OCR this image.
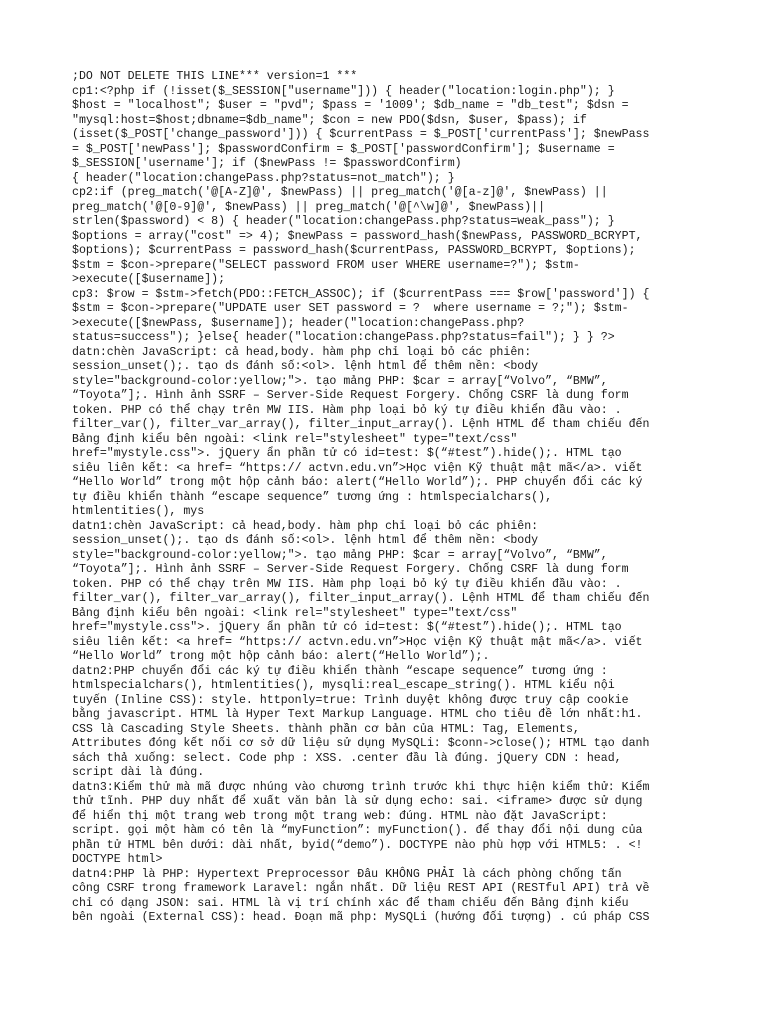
;DO NOT DELETE THIS LINE*** version=1 ***

cp1:<?php if (!isset($_SESSION["username"])) { header("location:login.php"); }

$host = "localhost"; $user = "pvd"; $pass = '1009'; $db_name = "db_test"; $dsn =

"mysql:host=$host;dbname=$db_name"; $con = new PDO($dsn, $user, $pass); if

(isset($_POST['change_password'])) { $currentPass = $_POST['currentPass']; $newPass

= $_POST['newPass']; $passwordConfirm = $_POST['passwordConfirm']; $username =

$_SESSION['username']; if ($newPass != $passwordConfirm)

{ header("location:changePass.php?status=not_match"); }

cp2:if (preg_match('@[A-Z]@', $newPass) || preg_match('@[a-z]@', $newPass) ||

preg_match('@[0-9]@', $newPass) || preg_match('@[^\w]@', $newPass)||

strlen($password) < 8) { header("location:changePass.php?status=weak_pass"); }

$options = array("cost" => 4); $newPass = password_hash($newPass, PASSWORD_BCRYPT,

$options); $currentPass = password_hash($currentPass, PASSWORD_BCRYPT, $options);

$stm = $con->prepare("SELECT password FROM user WHERE username=?"); $stm-

>execute([$username]);

cp3: $row = $stm->fetch(PDO::FETCH_ASSOC); if ($currentPass === $row['password']) {

$stm = $con->prepare("UPDATE user SET password = ?  where username = ?;"); $stm-

>execute([$newPass, $username]); header("location:changePass.php?

status=success"); }else{ header("location:changePass.php?status=fail"); } } ?>

datn:chèn JavaScript: cả head,body. hàm php chỉ loại bỏ các phiên:

session_unset();. tạo ds đánh số:<ol>. lệnh html để thêm nền: <body

style="background-color:yellow;">. tạo mảng PHP: $car = array[“Volvo”, “BMW”,

“Toyota”];. Hình ảnh SSRF – Server-Side Request Forgery. Chống CSRF là dung form

token. PHP có thể chạy trên MW IIS. Hàm php loại bỏ ký tự điều khiển đầu vào: .

filter_var(), filter_var_array(), filter_input_array(). Lệnh HTML để tham chiếu đến

Bảng định kiểu bên ngoài: <link rel="stylesheet" type="text/css"

href="mystyle.css">. jQuery ẩn phần tử có id=test: $(“#test”).hide();. HTML tạo

siêu liên kết: <a href= “https:// actvn.edu.vn”>Học viện Kỹ thuật mật mã</a>. viết

“Hello World” trong một hộp cảnh báo: alert(“Hello World”);. PHP chuyển đổi các ký

tự điều khiển thành “escape sequence” tương ứng : htmlspecialchars(),

htmlentities(), mys

datn1:chèn JavaScript: cả head,body. hàm php chỉ loại bỏ các phiên:

session_unset();. tạo ds đánh số:<ol>. lệnh html để thêm nền: <body

style="background-color:yellow;">. tạo mảng PHP: $car = array[“Volvo”, “BMW”,

“Toyota”];. Hình ảnh SSRF – Server-Side Request Forgery. Chống CSRF là dung form

token. PHP có thể chạy trên MW IIS. Hàm php loại bỏ ký tự điều khiển đầu vào: .

filter_var(), filter_var_array(), filter_input_array(). Lệnh HTML để tham chiếu đến

Bảng định kiểu bên ngoài: <link rel="stylesheet" type="text/css"

href="mystyle.css">. jQuery ẩn phần tử có id=test: $(“#test”).hide();. HTML tạo

siêu liên kết: <a href= “https:// actvn.edu.vn”>Học viện Kỹ thuật mật mã</a>. viết

“Hello World” trong một hộp cảnh báo: alert(“Hello World”);.

datn2:PHP chuyển đổi các ký tự điều khiển thành “escape sequence” tương ứng :

htmlspecialchars(), htmlentities(), mysqli:real_escape_string(). HTML kiểu nội

tuyến (Inline CSS): style. httponly=true: Trình duyệt không được truy cập cookie

bằng javascript. HTML là Hyper Text Markup Language. HTML cho tiêu đề lớn nhất:h1.

CSS là Cascading Style Sheets. thành phần cơ bản của HTML: Tag, Elements,

Attributes đóng kết nối cơ sở dữ liệu sử dụng MySQLi: $conn->close(); HTML tạo danh

sách thả xuống: select. Code php : XSS. .center đầu là đúng. jQuery CDN : head,

script dài là đúng.

datn3:Kiểm thử mà mã được nhúng vào chương trình trước khi thực hiện kiểm thử: Kiểm

thử tĩnh. PHP duy nhất để xuất văn bản là sử dụng echo: sai. <iframe> được sử dụng

để hiển thị một trang web trong một trang web: đúng. HTML nào đặt JavaScript:

script. gọi một hàm có tên là “myFunction”: myFunction(). để thay đổi nội dung của

phần tử HTML bên dưới: dài nhất, byid(“demo”). DOCTYPE nào phù hợp với HTML5: . <!

DOCTYPE html>

datn4:PHP là PHP: Hypertext Preprocessor Đâu KHÔNG PHẢI là cách phòng chống tấn

công CSRF trong framework Laravel: ngắn nhất. Dữ liệu REST API (RESTful API) trả về

chỉ có dạng JSON: sai. HTML là vị trí chính xác để tham chiếu đến Bảng định kiểu

bên ngoài (External CSS): head. Đoạn mã php: MySQLi (hướng đối tượng) . cú pháp CSS
